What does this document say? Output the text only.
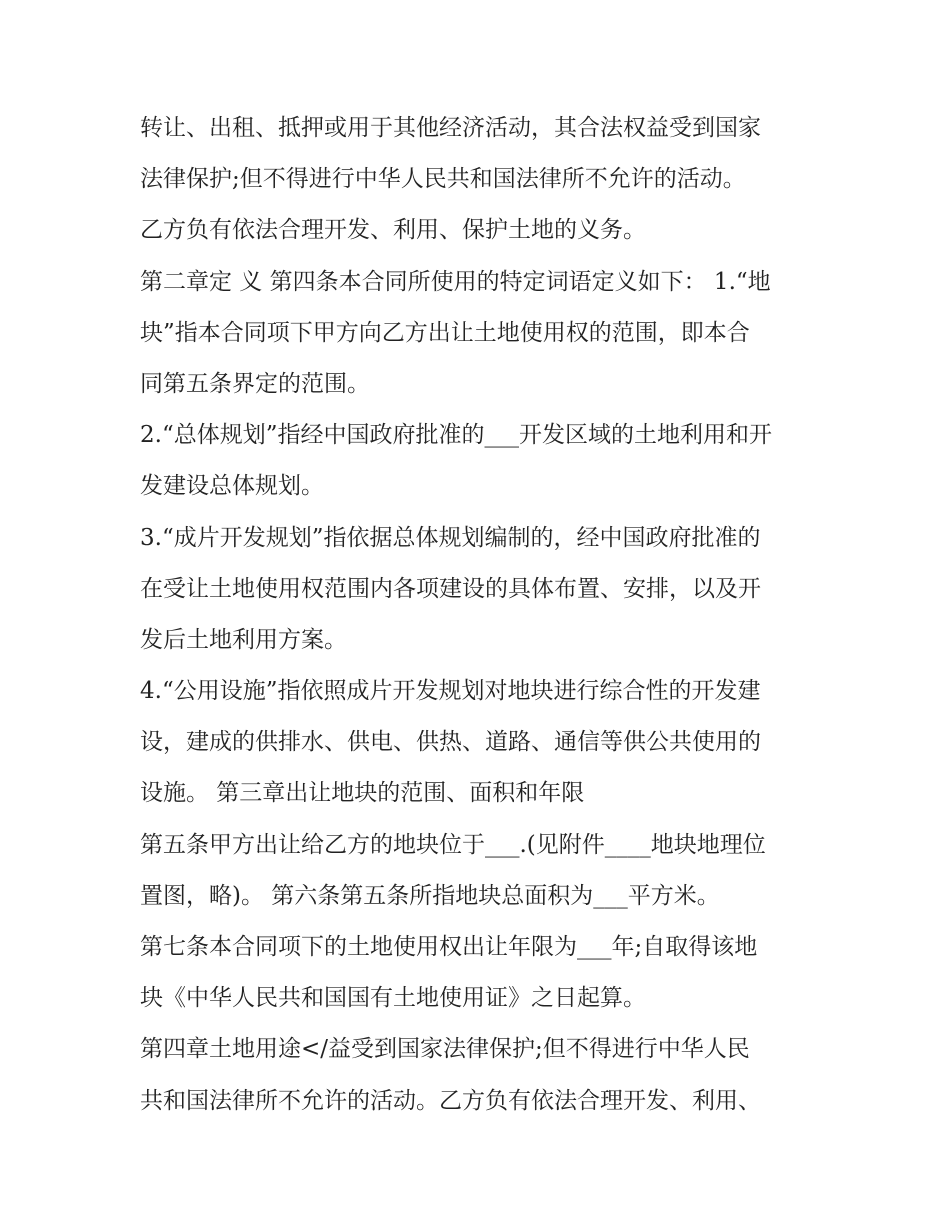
转让、出租、抵押或用于其他经济活动，其合法权益受到国家
法律保护;但不得进行中华人民共和国法律所不允许的活动。
乙方负有依法合理开发、利用、保护土地的义务。
第二章定 义 第四条本合同所使用的特定词语定义如下： 1.“地
块”指本合同项下甲方向乙方出让土地使用权的范围，即本合
同第五条界定的范围。
2.“总体规划”指经中国政府批准的___开发区域的土地利用和开
发建设总体规划。
3.“成片开发规划”指依据总体规划编制的，经中国政府批准的
在受让土地使用权范围内各项建设的具体布置、安排，以及开
发后土地利用方案。
4.“公用设施”指依照成片开发规划对地块进行综合性的开发建
设，建成的供排水、供电、供热、道路、通信等供公共使用的
设施。 第三章出让地块的范围、面积和年限
第五条甲方出让给乙方的地块位于___.(见附件____地块地理位
置图，略)。 第六条第五条所指地块总面积为___平方米。
第七条本合同项下的土地使用权出让年限为___年;自取得该地
块《中华人民共和国国有土地使用证》之日起算。
第四章土地用途</益受到国家法律保护;但不得进行中华人民
共和国法律所不允许的活动。乙方负有依法合理开发、利用、
